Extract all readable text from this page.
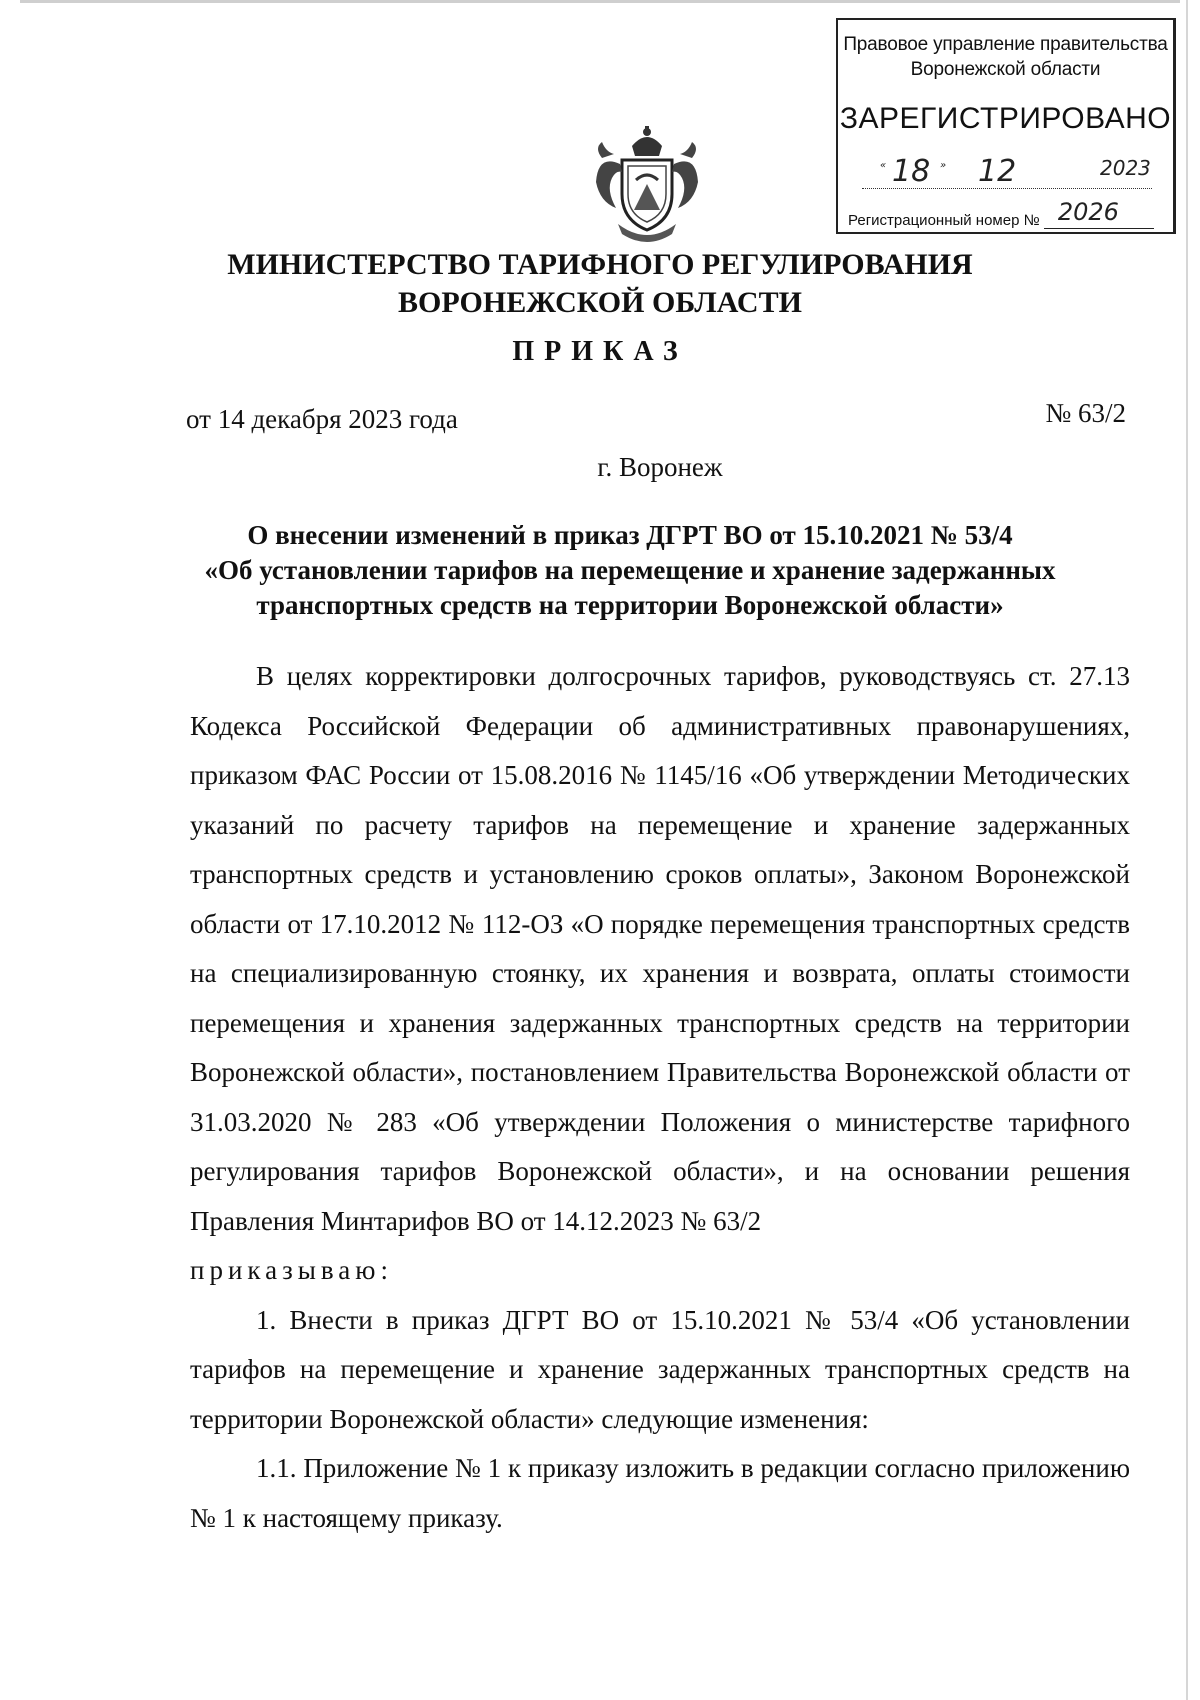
Правовое управление правительства
Воронежской области
ЗАРЕГИСТРИРОВАНО
« 18 » 12	2023
Регистрационный номер № 2026
МИНИСТЕРСТВО ТАРИФНОГО РЕГУЛИРОВАНИЯ
ВОРОНЕЖСКОЙ ОБЛАСТИ
ПРИКАЗ
от 14 декабря 2023 года	№ 63/2
г. Воронеж
О внесении изменений в приказ ДГРТ ВО от 15.10.2021 № 53/4
«Об установлении тарифов на перемещение и хранение задержанных
транспортных средств на территории Воронежской области»

В целях корректировки долгосрочных тарифов, руководствуясь ст. 27.13 Кодекса Российской Федерации об административных правонарушениях, приказом ФАС России от 15.08.2016 № 1145/16 «Об утверждении Методических указаний по расчету тарифов на перемещение и хранение задержанных транспортных средств и установлению сроков оплаты», Законом Воронежской области от 17.10.2012 № 112-ОЗ «О порядке перемещения транспортных средств на специализированную стоянку, их хранения и возврата, оплаты стоимости перемещения и хранения задержанных транспортных средств на территории Воронежской области», постановлением Правительства Воронежской области от 31.03.2020 № 283 «Об утверждении Положения о министерстве тарифного регулирования тарифов Воронежской области», и на основании решения Правления Минтарифов ВО от 14.12.2023 № 63/2

приказываю:

1. Внести в приказ ДГРТ ВО от 15.10.2021 № 53/4 «Об установлении тарифов на перемещение и хранение задержанных транспортных средств на территории Воронежской области» следующие изменения:

1.1. Приложение № 1 к приказу изложить в редакции согласно приложению № 1 к настоящему приказу.
